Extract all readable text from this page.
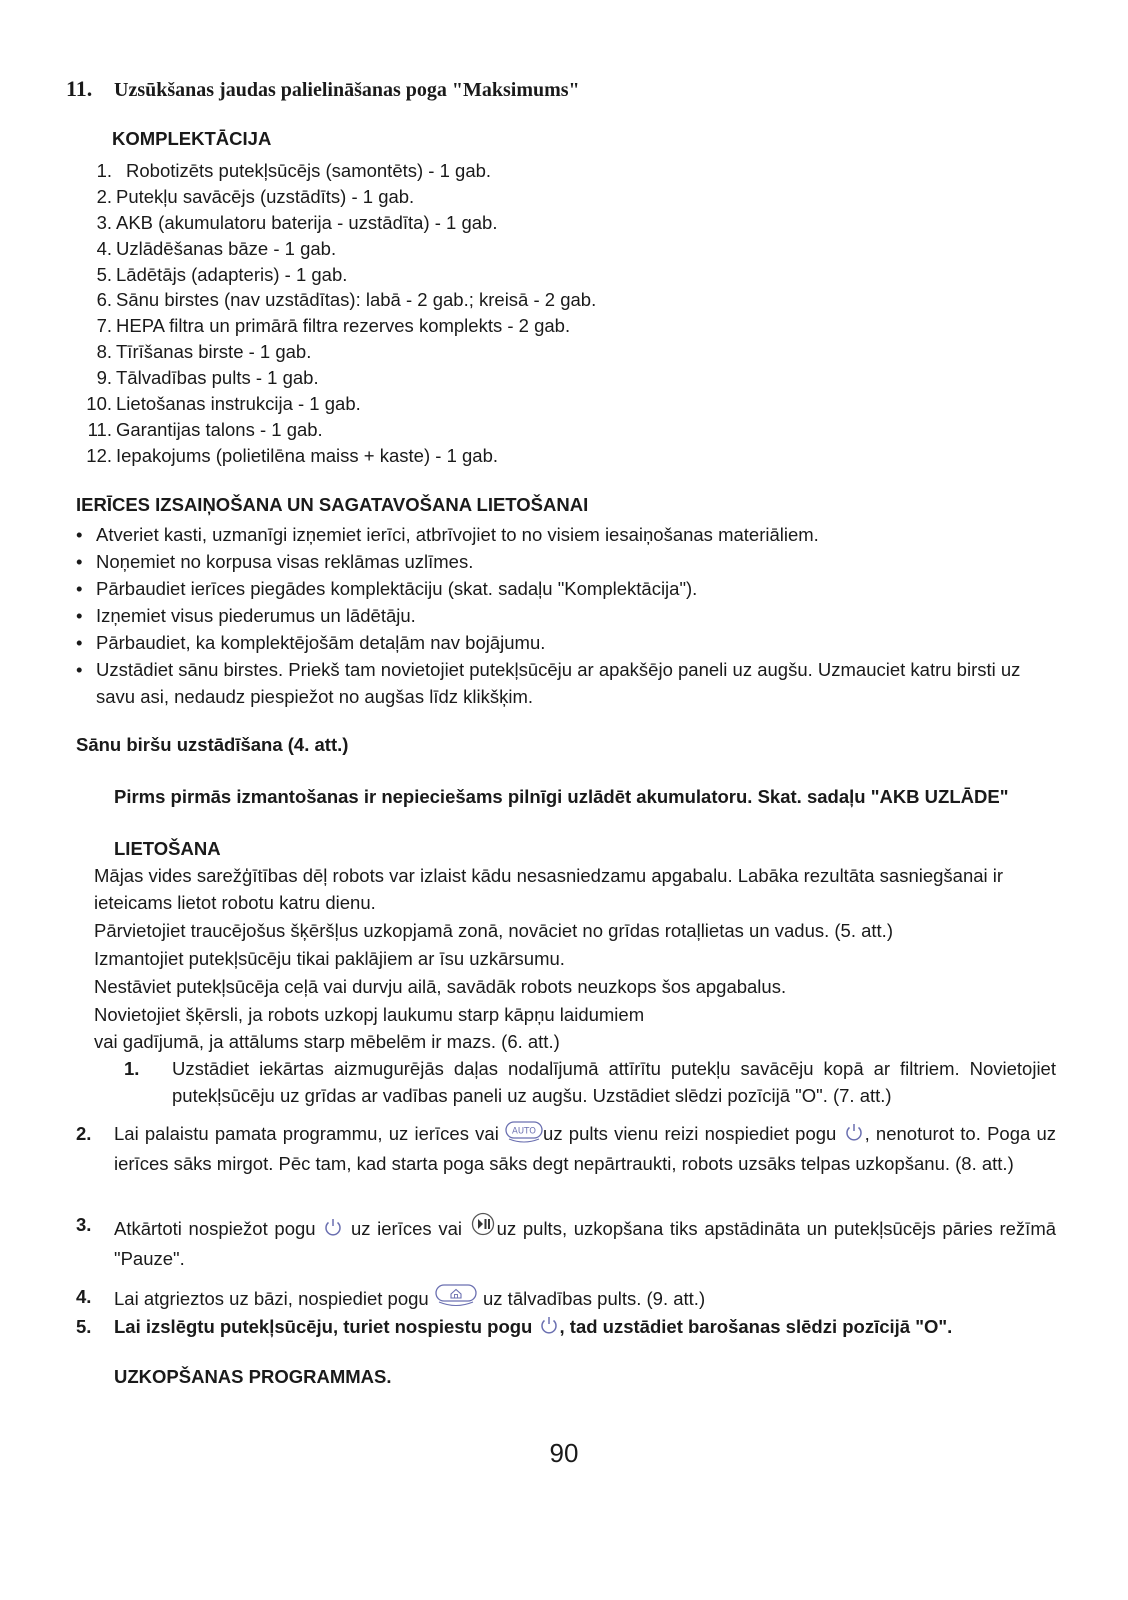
11. Uzsūkšanas jaudas palielināšanas poga "Maksimums"
KOMPLEKTĀCIJA
1. Robotizēts putekļsūcējs (samontēts) - 1 gab.
2. Putekļu savācējs (uzstādīts) - 1 gab.
3. AKB (akumulatoru baterija - uzstādīta) - 1 gab.
4. Uzlādēšanas bāze - 1 gab.
5. Lādētājs (adapteris) - 1 gab.
6. Sānu birstes (nav uzstādītas): labā - 2 gab.; kreisā - 2 gab.
7. HEPA filtra un primārā filtra rezerves komplekts - 2 gab.
8. Tīrīšanas birste - 1 gab.
9. Tālvadības pults - 1 gab.
10. Lietošanas instrukcija - 1 gab.
11. Garantijas talons - 1 gab.
12. Iepakojums (polietilēna maiss + kaste) - 1 gab.
IERĪCES IZSAIŅOŠANA UN SAGATAVOŠANA LIETOŠANAI
• Atveriet kasti, uzmanīgi izņemiet ierīci, atbrīvojiet to no visiem iesaiņošanas materiāliem.
• Noņemiet no korpusa visas reklāmas uzlīmes.
• Pārbaudiet ierīces piegādes komplektāciju (skat. sadaļu "Komplektācija").
• Izņemiet visus piederumus un lādētāju.
• Pārbaudiet, ka komplektējošām detaļām nav bojājumu.
• Uzstādiet sānu birstes. Priekš tam novietojiet putekļsūcēju ar apakšējo paneli uz augšu. Uzmauciet katru birsti uz savu asi, nedaudz piespiežot no augšas līdz klikšķim.
Sānu biršu uzstādīšana (4. att.)
Pirms pirmās izmantošanas ir nepieciešams pilnīgi uzlādēt akumulatoru. Skat. sadaļu "AKB UZLĀDE"
LIETOŠANA
Mājas vides sarežģītības dēļ robots var izlaist kādu nesasniedzamu apgabalu. Labāka rezultāta sasniegšanai ir
ieteicams lietot robotu katru dienu.
Pārvietojiet traucējošus šķēršļus uzkopjamā zonā, novāciet no grīdas rotaļlietas un vadus. (5. att.)
Izmantojiet putekļsūcēju tikai paklājiem ar īsu uzkārsumu.
Nestāviet putekļsūcēja ceļā vai durvju ailā, savādāk robots neuzkops šos apgabalus.
Novietojiet šķērsli, ja robots uzkopj laukumu starp kāpņu laidumiem
vai gadījumā, ja attālums starp mēbelēm ir mazs. (6. att.)
1. Uzstādiet iekārtas aizmugurējās daļas nodalījumā attīrītu putekļu savācēju kopā ar filtriem. Novietojiet putekļsūcēju uz grīdas ar vadības paneli uz augšu. Uzstādiet slēdzi pozīcijā "O". (7. att.)
2. Lai palaistu pamata programmu, uz ierīces vai AUTO uz pults vienu reizi nospiediet pogu , nenoturot to. Poga uz ierīces sāks mirgot. Pēc tam, kad starta poga sāks degt nepārtraukti, robots uzsāks telpas uzkopšanu. (8. att.)
3. Atkārtoti nospiežot pogu uz ierīces vai uz pults, uzkopšana tiks apstādināta un putekļsūcējs pāries režīmā "Pauze".
4. Lai atgrieztos uz bāzi, nospiediet pogu	uz tālvadības pults. (9. att.)
5. Lai izslēgtu putekļsūcēju, turiet nospiestu pogu , tad uzstādiet barošanas slēdzi pozīcijā "O".
UZKOPŠANAS PROGRAMMAS.
90
